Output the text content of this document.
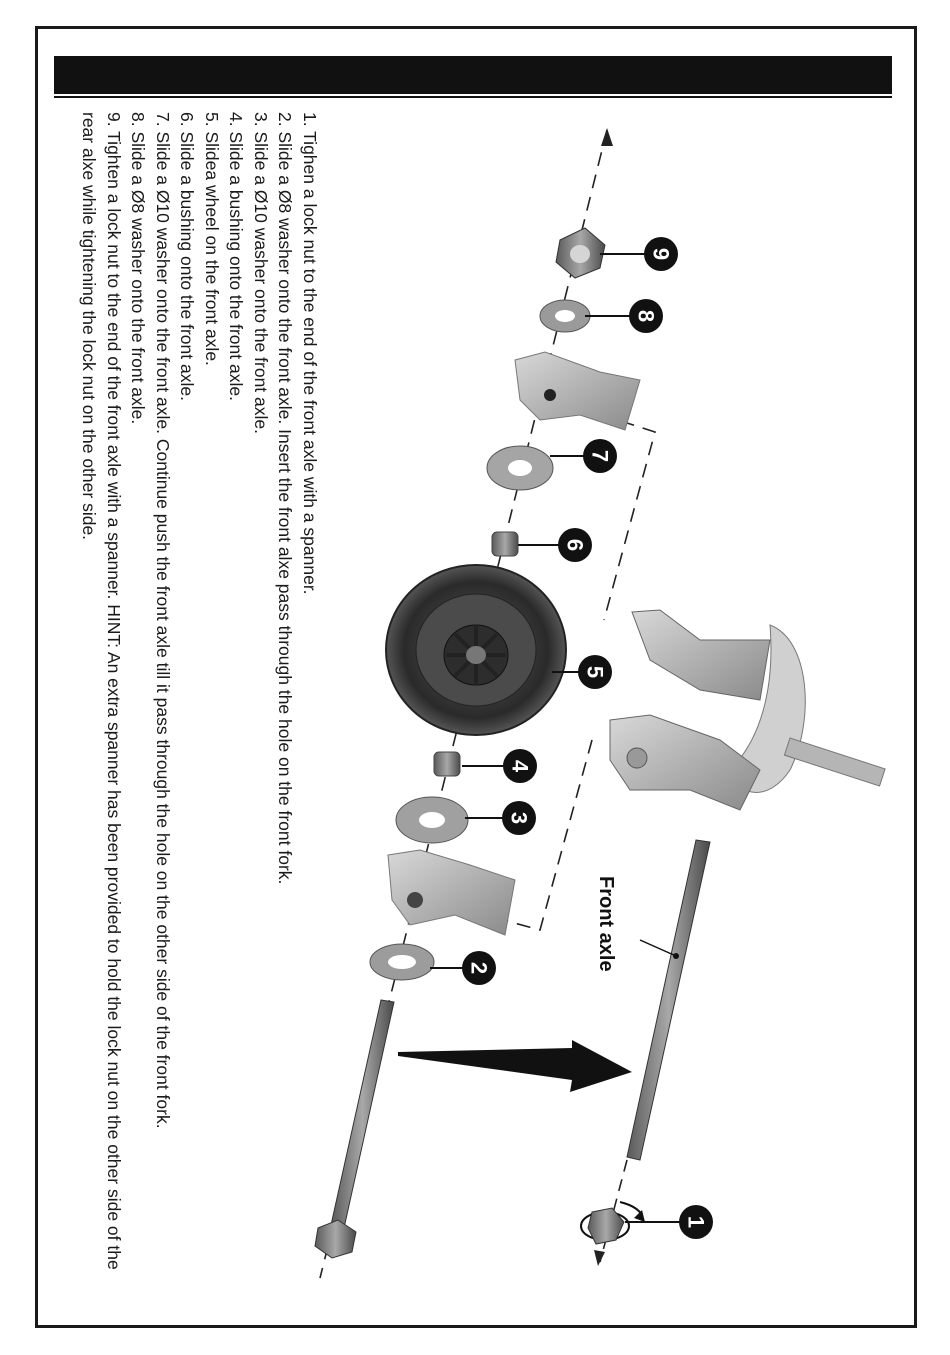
1. Tighen a lock nut to the end of the front axle with a spanner.
2. Slide a Ø8 washer onto the front axle. Insert the front alxe pass through the hole on the front fork.
3. Slide a Ø10 washer onto the front axle.
4. Slide a bushing onto the front axle.
5. Slidea wheel on the front axle.
6. Slide a bushing onto the front axle.
7. Slide a Ø10 washer onto the front axle. Continue push the front axle till it pass through the hole on the other side of the front fork.
8. Slide a Ø8 washer onto the front axle.
9. Tighten a lock nut to the end of the front axle with a spanner. HINT: An extra spanner has been provided to hold the lock nut on the other side of the rear alxe while tightening the lock nut on the other side.
Front axle
9
8
7
6
5
4
3
2
1
